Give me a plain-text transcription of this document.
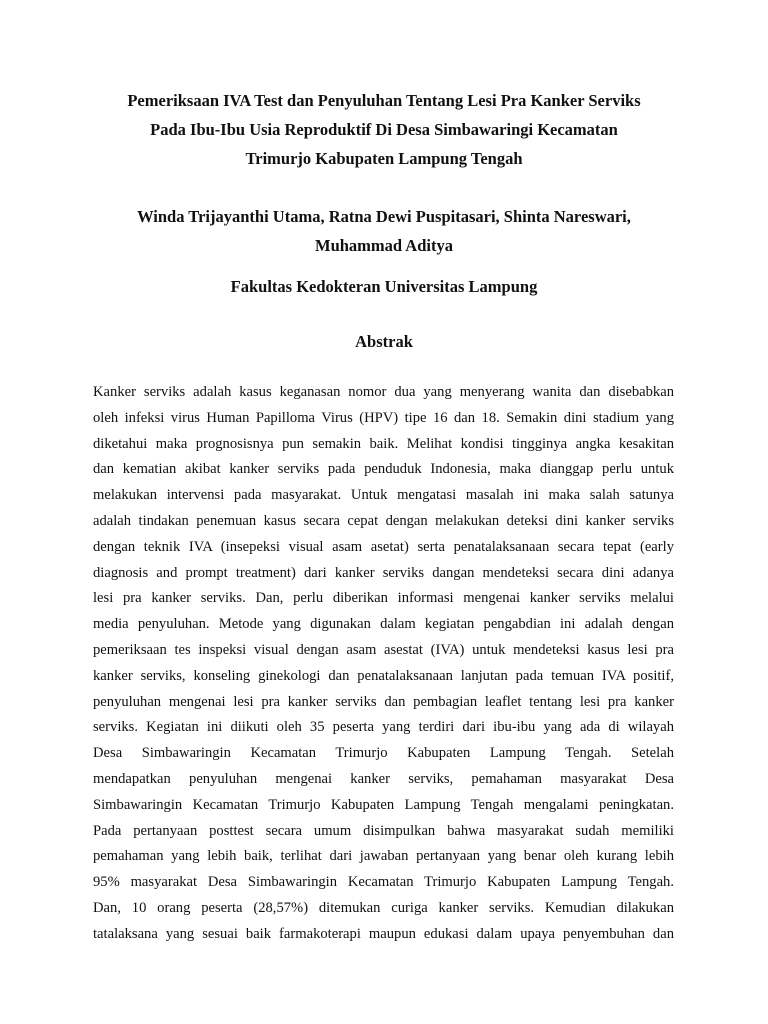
Pemeriksaan IVA Test dan Penyuluhan Tentang Lesi Pra Kanker Serviks
Pada Ibu-Ibu Usia Reproduktif Di Desa Simbawaringi Kecamatan
Trimurjo Kabupaten Lampung Tengah
Winda Trijayanthi Utama, Ratna Dewi Puspitasari, Shintа Nareswari,
Muhammad Aditya
Fakultas Kedokteran Universitas Lampung
Abstrak
Kanker serviks adalah kasus keganasan nomor dua yang menyerang wanita dan disebabkan
oleh infeksi virus Human Papilloma Virus (HPV) tipe 16 dan 18. Semakin dini stadium yang
diketahui maka prognosisnya pun semakin baik. Melihat kondisi tingginya angka kesakitan
dan kematian akibat kanker serviks pada penduduk Indonesia, maka dianggap perlu untuk
melakukan intervensi pada masyarakat. Untuk mengatasi masalah ini maka salah satunya
adalah tindakan penemuan kasus secara cepat dengan melakukan deteksi dini kanker serviks
dengan teknik IVA (insepeksi visual asam asetat) serta penatalaksanaan secara tepat (early
diagnosis and prompt treatment) dari kanker serviks dangan mendeteksi secara dini adanya
lesi pra kanker serviks. Dan, perlu diberikan informasi mengenai kanker serviks melalui
media penyuluhan. Metode yang digunakan dalam kegiatan pengabdian ini adalah dengan
pemeriksaan tes inspeksi visual dengan asam asestat (IVA) untuk mendeteksi kasus lesi pra
kanker serviks, konseling ginekologi dan penatalaksanaan lanjutan pada temuan IVA positif,
penyuluhan mengenai lesi pra kanker serviks dan pembagian leaflet tentang lesi pra kanker
serviks. Kegiatan ini diikuti oleh 35 peserta yang terdiri dari ibu-ibu yang ada di wilayah
Desa Simbawaringin Kecamatan Trimurjo Kabupaten Lampung Tengah. Setelah
mendapatkan penyuluhan mengenai kanker serviks, pemahaman masyarakat Desa
Simbawaringin Kecamatan Trimurjo Kabupaten Lampung Tengah mengalami peningkatan.
Pada pertanyaan posttest secara umum disimpulkan bahwa masyarakat sudah memiliki
pemahaman yang lebih baik, terlihat dari jawaban pertanyaan yang benar oleh kurang lebih
95% masyarakat Desa Simbawaringin Kecamatan Trimurjo Kabupaten Lampung Tengah.
Dan, 10 orang peserta (28,57%) ditemukan curiga kanker serviks. Kemudian dilakukan
tatalaksana yang sesuai baik farmakoterapi maupun edukasi dalam upaya penyembuhan dan
